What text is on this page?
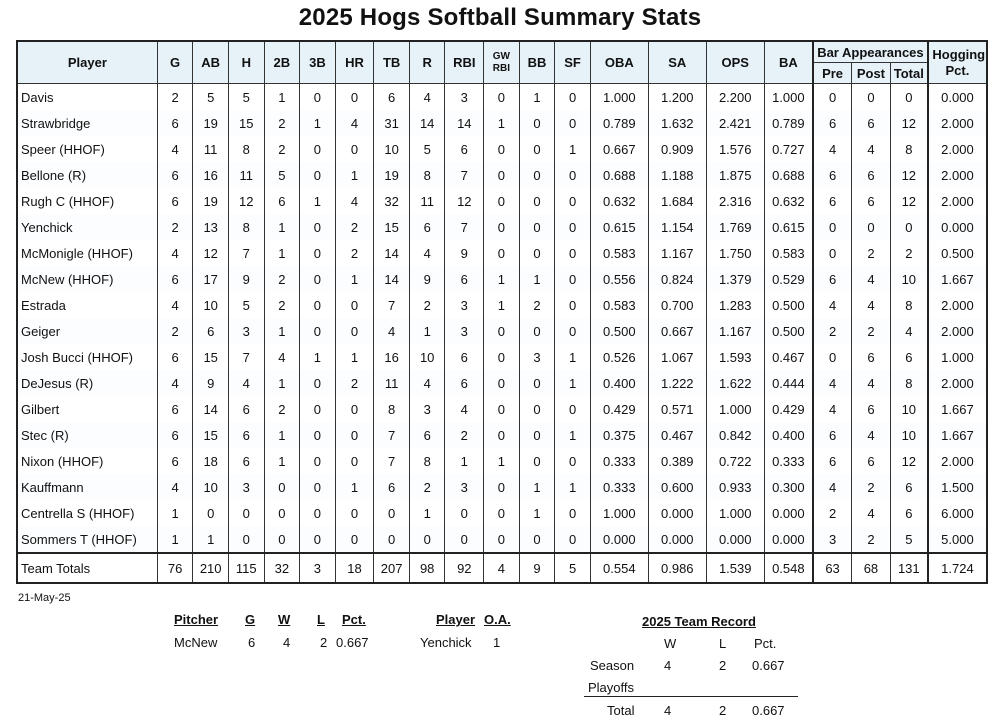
2025 Hogs Softball Summary Stats
Player	G	AB	H	2B	3B	HR	TB	R	RBI	GW RBI	BB	SF	OBA	SA	OPS	BA	Bar Appearances			Hogging Pct.
																	Pre	Post	Total	
Davis	2	5	5	1	0	0	6	4	3	0	1	0	1.000	1.200	2.200	1.000	0	0	0	0.000
Strawbridge	6	19	15	2	1	4	31	14	14	1	0	0	0.789	1.632	2.421	0.789	6	6	12	2.000
Speer (HHOF)	4	11	8	2	0	0	10	5	6	0	0	1	0.667	0.909	1.576	0.727	4	4	8	2.000
Bellone (R)	6	16	11	5	0	1	19	8	7	0	0	0	0.688	1.188	1.875	0.688	6	6	12	2.000
Rugh C (HHOF)	6	19	12	6	1	4	32	11	12	0	0	0	0.632	1.684	2.316	0.632	6	6	12	2.000
Yenchick	2	13	8	1	0	2	15	6	7	0	0	0	0.615	1.154	1.769	0.615	0	0	0	0.000
McMonigle (HHOF)	4	12	7	1	0	2	14	4	9	0	0	0	0.583	1.167	1.750	0.583	0	2	2	0.500
McNew (HHOF)	6	17	9	2	0	1	14	9	6	1	1	0	0.556	0.824	1.379	0.529	6	4	10	1.667
Estrada	4	10	5	2	0	0	7	2	3	1	2	0	0.583	0.700	1.283	0.500	4	4	8	2.000
Geiger	2	6	3	1	0	0	4	1	3	0	0	0	0.500	0.667	1.167	0.500	2	2	4	2.000
Josh Bucci (HHOF)	6	15	7	4	1	1	16	10	6	0	3	1	0.526	1.067	1.593	0.467	0	6	6	1.000
DeJesus (R)	4	9	4	1	0	2	11	4	6	0	0	1	0.400	1.222	1.622	0.444	4	4	8	2.000
Gilbert	6	14	6	2	0	0	8	3	4	0	0	0	0.429	0.571	1.000	0.429	4	6	10	1.667
Stec (R)	6	15	6	1	0	0	7	6	2	0	0	1	0.375	0.467	0.842	0.400	6	4	10	1.667
Nixon (HHOF)	6	18	6	1	0	0	7	8	1	1	0	0	0.333	0.389	0.722	0.333	6	6	12	2.000
Kauffmann	4	10	3	0	0	1	6	2	3	0	1	1	0.333	0.600	0.933	0.300	4	2	6	1.500
Centrella S (HHOF)	1	0	0	0	0	0	0	1	0	0	1	0	1.000	0.000	1.000	0.000	2	4	6	6.000
Sommers T (HHOF)	1	1	0	0	0	0	0	0	0	0	0	0	0.000	0.000	0.000	0.000	3	2	5	5.000
Team Totals	76	210	115	32	3	18	207	98	92	4	9	5	0.554	0.986	1.539	0.548	63	68	131	1.724
21-May-25
Pitcher G W L Pct.
McNew 6 4 2 0.667
Player O.A.
Yenchick 1
2025 Team Record
W	L Pct.
Season 4	2 0.667
Playoffs
Total 4	2 0.667
